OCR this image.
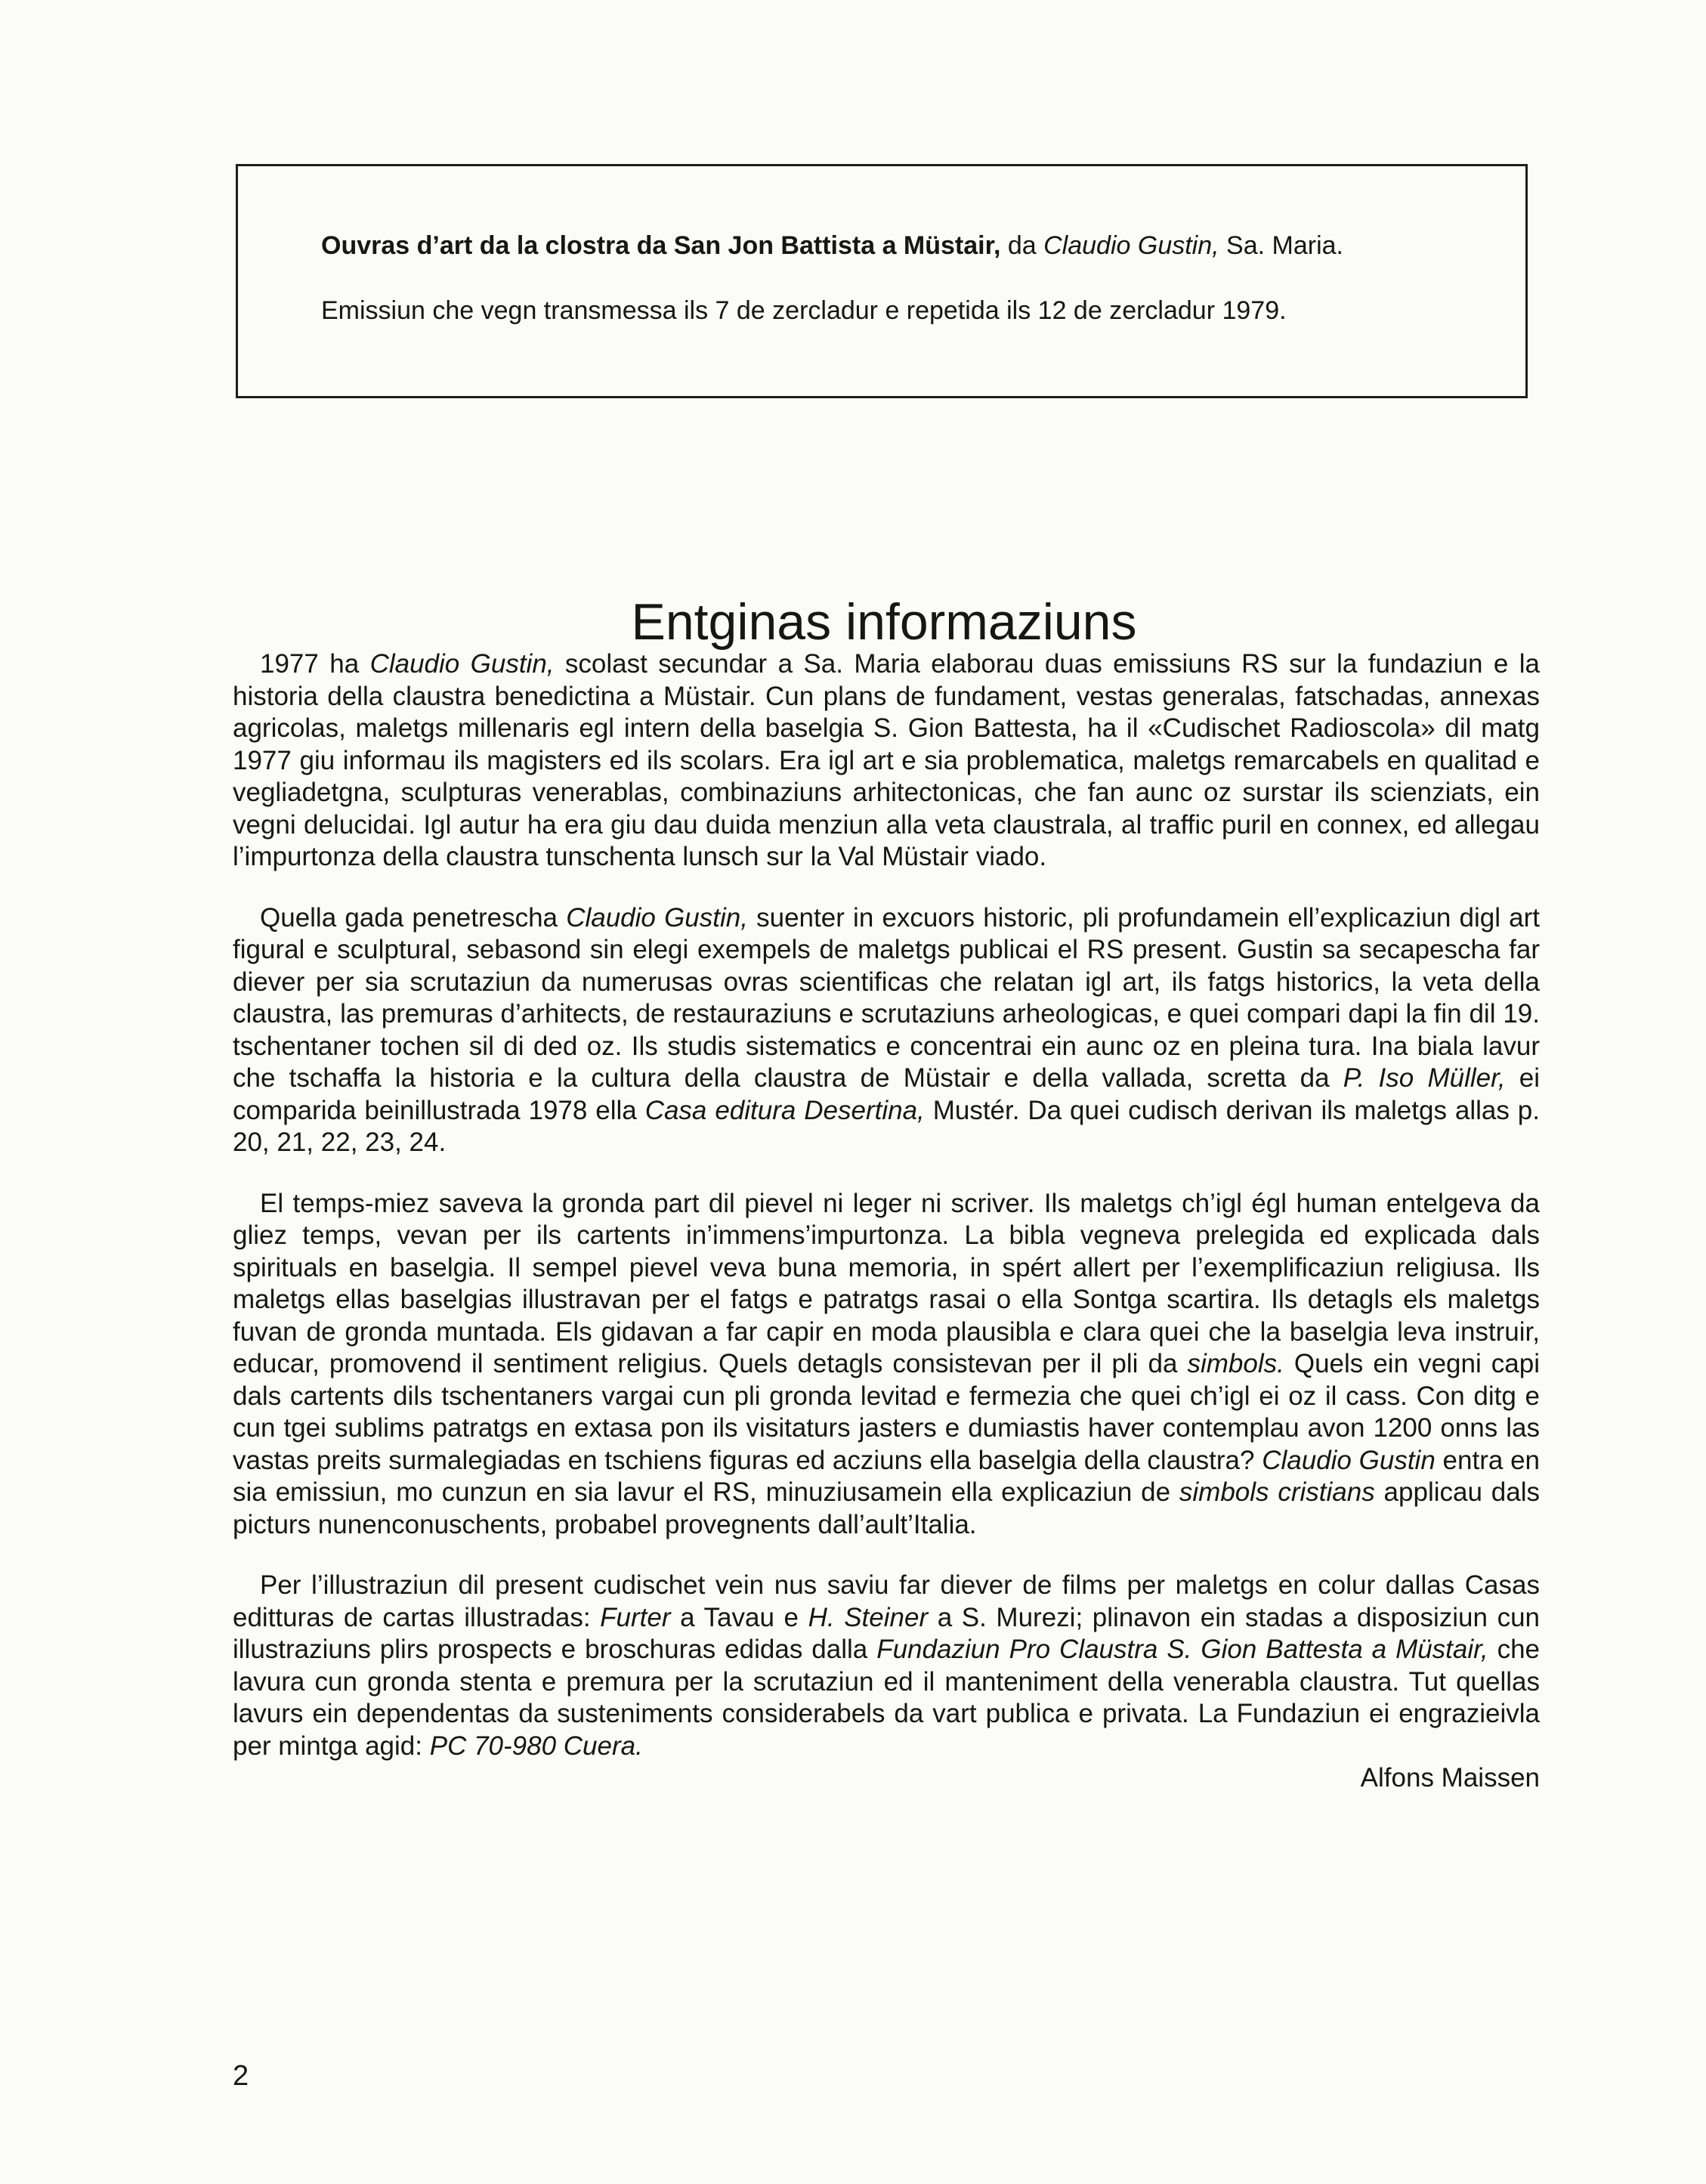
Ouvras d’art da la clostra da San Jon Battista a Müstair, da Claudio Gustin, Sa. Maria.
Emissiun che vegn transmessa ils 7 de zercladur e repetida ils 12 de zercladur 1979.
Entginas informaziuns

1977 ha Claudio Gustin, scolast secundar a Sa. Maria elaborau duas emissiuns RS sur la fundaziun e la historia della claustra benedictina a Müstair. Cun plans de fundament, vestas generalas, fatschadas, annexas agricolas, maletgs millenaris egl intern della baselgia S. Gion Battesta, ha il «Cudischet Radioscola» dil matg 1977 giu informau ils magisters ed ils scolars. Era igl art e sia problematica, maletgs remarcabels en qualitad e vegliadetgna, sculpturas venerablas, combinaziuns arhitectonicas, che fan aunc oz surstar ils scienziats, ein vegni delucidai. Igl autur ha era giu dau duida menziun alla veta claustrala, al traffic puril en connex, ed allegau l’impurtonza della claustra tunschenta lunsch sur la Val Müstair viado.

Quella gada penetrescha Claudio Gustin, suenter in excuors historic, pli profundamein ell’explicaziun digl art figural e sculptural, sebasond sin elegi exempels de maletgs publicai el RS present. Gustin sa secapescha far diever per sia scrutaziun da numerusas ovras scientificas che relatan igl art, ils fatgs historics, la veta della claustra, las premuras d’arhitects, de restauraziuns e scrutaziuns arheologicas, e quei compari dapi la fin dil 19. tschentaner tochen sil di ded oz. Ils studis sistematics e concentrai ein aunc oz en pleina tura. Ina biala lavur che tschaffa la historia e la cultura della claustra de Müstair e della vallada, scretta da P. Iso Müller, ei comparida beinillustrada 1978 ella Casa editura Desertina, Mustér. Da quei cudisch derivan ils maletgs allas p. 20, 21, 22, 23, 24.

El temps-miez saveva la gronda part dil pievel ni leger ni scriver. Ils maletgs ch’igl égl human entelgeva da gliez temps, vevan per ils cartents in’immens’impurtonza. La bibla vegneva prelegida ed explicada dals spirituals en baselgia. Il sempel pievel veva buna memoria, in spért allert per l’exemplificaziun religiusa. Ils maletgs ellas baselgias illustravan per el fatgs e patratgs rasai o ella Sontga scartira. Ils detagls els maletgs fuvan de gronda muntada. Els gidavan a far capir en moda plausibla e clara quei che la baselgia leva instruir, educar, promovend il sentiment religius. Quels detagls consistevan per il pli da simbols. Quels ein vegni capi dals cartents dils tschentaners vargai cun pli gronda levitad e fermezia che quei ch’igl ei oz il cass. Con ditg e cun tgei sublims patratgs en extasa pon ils visitaturs jasters e dumiastis haver contemplau avon 1200 onns las vastas preits surmalegiadas en tschiens figuras ed acziuns ella baselgia della claustra? Claudio Gustin entra en sia emissiun, mo cunzun en sia lavur el RS, minuziusamein ella explicaziun de simbols cristians applicau dals picturs nunenconuschents, probabel provegnents dall’ault’Italia.

Per l’illustraziun dil present cudischet vein nus saviu far diever de films per maletgs en colur dallas Casas editturas de cartas illustradas: Furter a Tavau e H. Steiner a S. Murezi; plinavon ein stadas a disposiziun cun illustraziuns plirs prospects e broschuras edidas dalla Fundaziun Pro Claustra S. Gion Battesta a Müstair, che lavura cun gronda stenta e premura per la scrutaziun ed il manteniment della venerabla claustra. Tut quellas lavurs ein dependentas da susteniments considerabels da vart publica e privata. La Fundaziun ei engrazieivla per mintga agid: PC 70-980 Cuera.

Alfons Maissen
2
